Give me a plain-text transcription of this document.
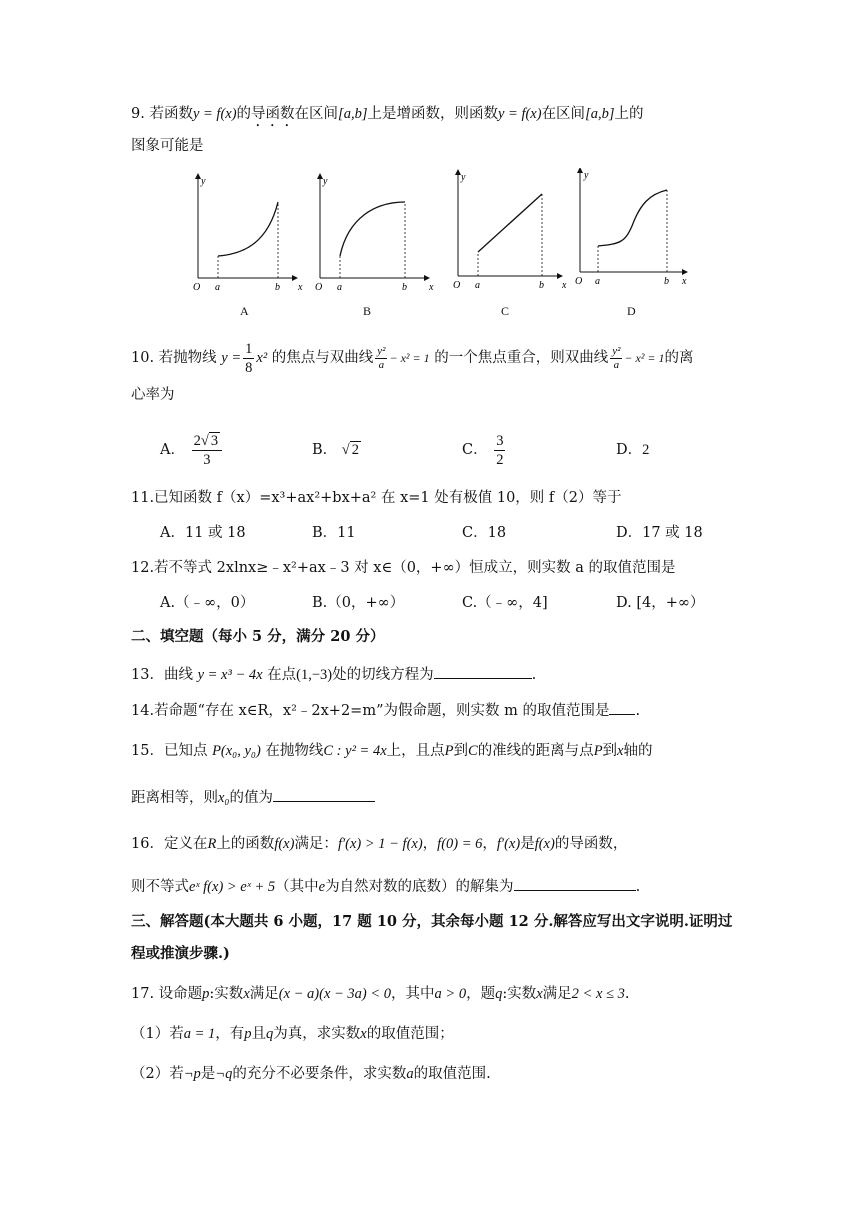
9. 若函数y = f(x)的导函数在区间[a,b]上是增函数，则函数y = f(x)在区间[a,b]上的
图象可能是
y
O a	b x
y
O a	b x
y
O a	b x
y
O a	b x
A	B	C	D
10. 若抛物线 $y = \frac{1}{8} x^2$ 的焦点与双曲线 $\frac{\text{y²}}{a} - x^2 = 1$ 的一个焦点重合，则双曲线 $\frac{\text{y²}}{a} - x^2 = 1$的离
心率为
A． $\frac{2√ 3}{3}$	B． √ 2	C． $\frac{3}{2}$	D．2
11.已知函数 f（x）=x³+ax²+bx+a² 在 x=1 处有极值 10，则 f（2）等于
A．11 或 18	B．11	C．18	D．17 或 18
12.若不等式 2xlnx≥﹣x²+ax﹣3 对 x∈（0，+∞）恒成立，则实数 a 的取值范围是
A.（﹣∞，0）	B.（0，+∞）	C.（﹣∞，4]	D. [4，+∞）
二、填空题（每小 5 分，满分 20 分）
13．曲线 y = x³ − 4x 在点(1,−3)处的切线方程为	.
14.若命题“存在 x∈R，x²﹣2x+2=m”为假命题，则实数 m 的取值范围是 .
15．已知点 P(x₀, y₀) 在抛物线C : y² = 4x上，且点P到C的准线的距离与点P到x轴的
距离相等，则x₀的值为
16．定义在R上的函数f(x)满足：f′(x) > 1 − f(x)，f(0) = 6，f′(x)是f(x)的导函数，
则不等式eˣ f(x) > eˣ + 5（其中e为自然对数的底数）的解集为	.
三、解答题(本大题共 6 小题，17 题 10 分，其余每小题 12 分.解答应写出文字说明.证明过
程或推演步骤.)
17. 设命题p:实数x满足(x − a)(x − 3a) < 0，其中a > 0，题q:实数x满足2 < x ≤ 3.
（1）若a = 1，有p且q为真，求实数x的取值范围；
（2）若¬p是¬q的充分不必要条件，求实数a的取值范围.
